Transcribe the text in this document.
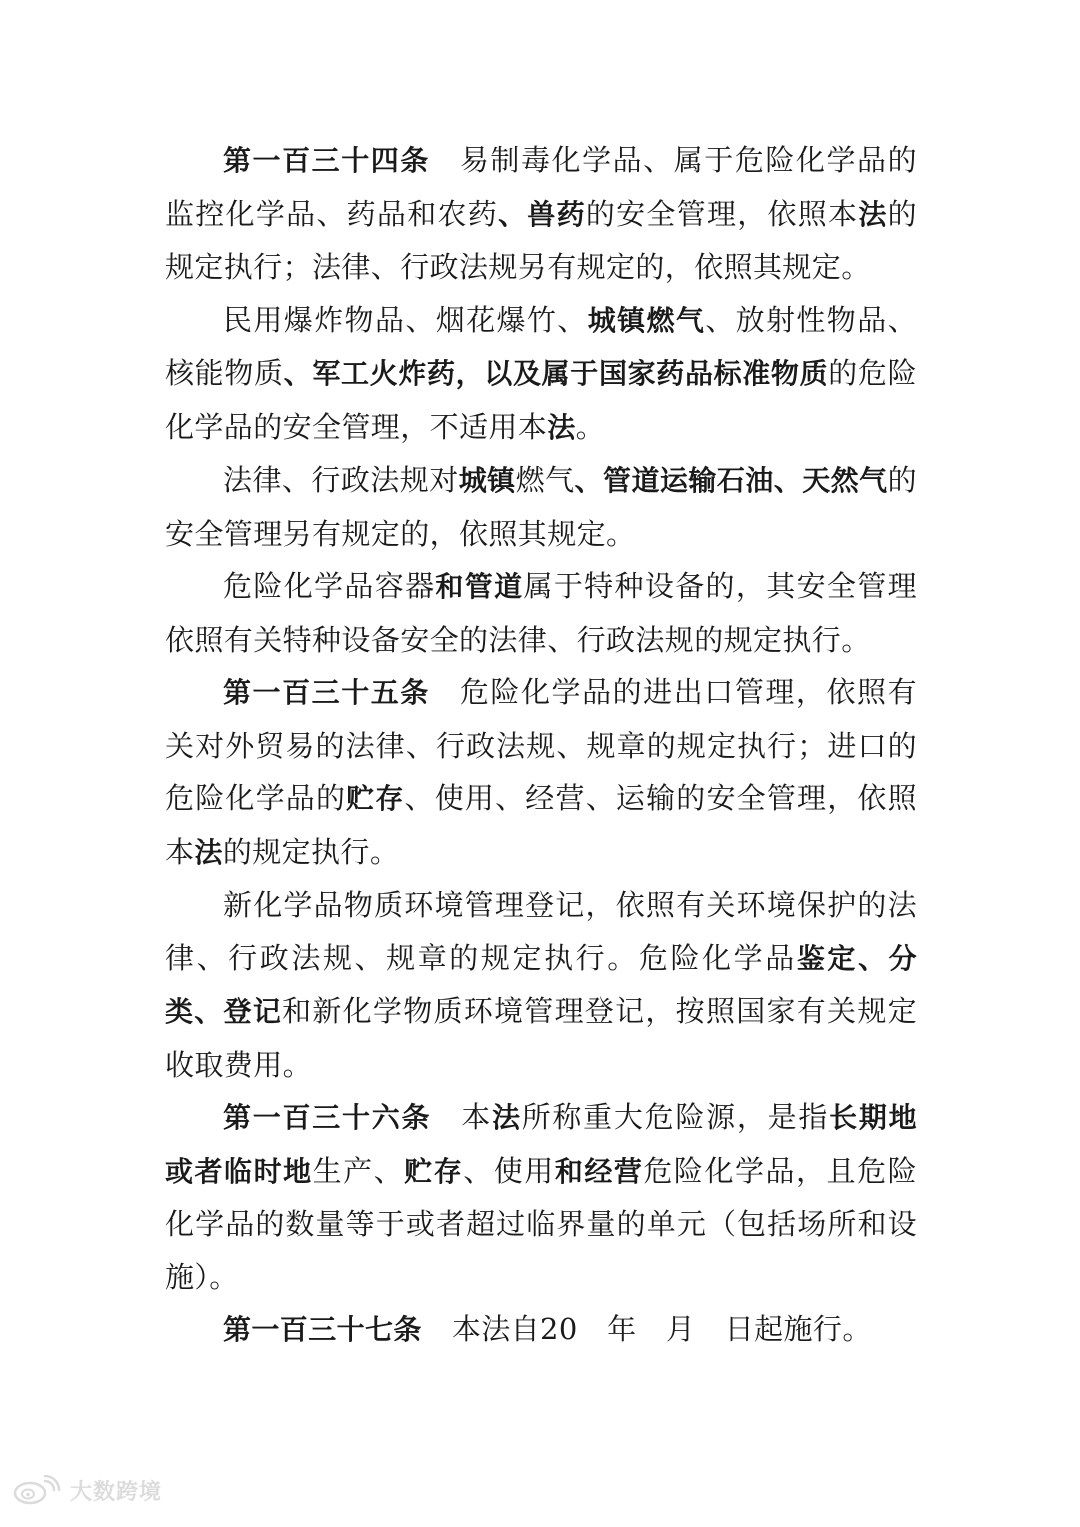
第一百三十四条 易制毒化学品、属于危险化学品的监控化学品、药品和农药、兽药的安全管理，依照本法的规定执行；法律、行政法规另有规定的，依照其规定。

民用爆炸物品、烟花爆竹、城镇燃气、放射性物品、核能物质、军工火炸药，以及属于国家药品标准物质的危险化学品的安全管理，不适用本法。

法律、行政法规对城镇燃气、管道运输石油、天然气的安全管理另有规定的，依照其规定。

危险化学品容器和管道属于特种设备的，其安全管理依照有关特种设备安全的法律、行政法规的规定执行。

第一百三十五条 危险化学品的进出口管理，依照有关对外贸易的法律、行政法规、规章的规定执行；进口的危险化学品的贮存、使用、经营、运输的安全管理，依照本法的规定执行。

新化学品物质环境管理登记，依照有关环境保护的法律、行政法规、规章的规定执行。危险化学品鉴定、分类、登记和新化学物质环境管理登记，按照国家有关规定收取费用。

第一百三十六条 本法所称重大危险源，是指长期地或者临时地生产、贮存、使用和经营危险化学品，且危险化学品的数量等于或者超过临界量的单元（包括场所和设施）。

第一百三十七条 本法自20　年　月　日起施行。

大数跨境
